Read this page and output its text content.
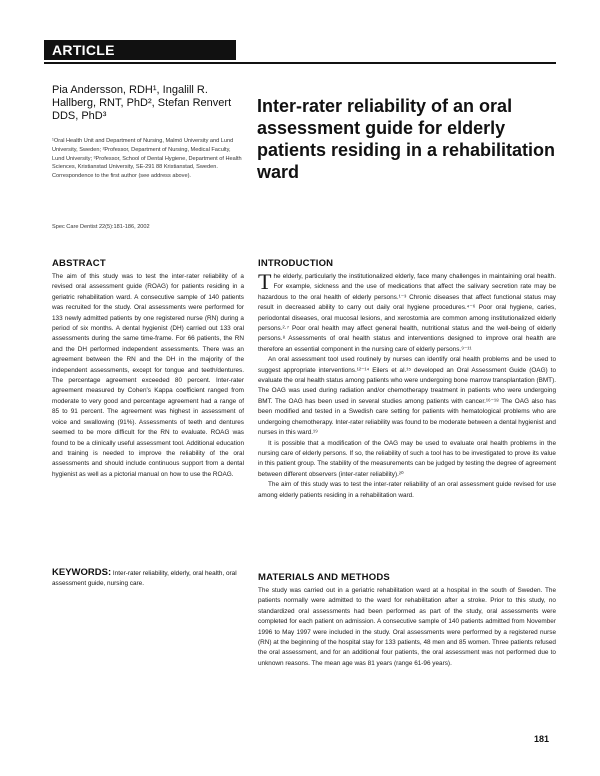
ARTICLE
Pia Andersson, RDH¹, Ingalill R. Hallberg, RNT, PhD², Stefan Renvert DDS, PhD³
¹Oral Health Unit and Department of Nursing, Malmö University and Lund University, Sweden; ²Professor, Department of Nursing, Medical Faculty, Lund University; ³Professor, School of Dental Hygiene, Department of Health Sciences, Kristianstad University, SE-291 88 Kristianstad, Sweden. Correspondence to the first author (see address above).
Spec Care Dentist 22(5):181-186, 2002
Inter-rater reliability of an oral assessment guide for elderly patients residing in a rehabilitation ward
ABSTRACT
The aim of this study was to test the inter-rater reliability of a revised oral assessment guide (ROAG) for patients residing in a geriatric rehabilitation ward. A consecutive sample of 140 patients was recruited for the study. Oral assessments were performed for 133 newly admitted patients by one registered nurse (RN) during a period of six months. A dental hygienist (DH) carried out 133 oral assessments during the same time-frame. For 66 patients, the RN and the DH performed independent assessments. There was an agreement between the RN and the DH in the majority of the independent assessments, except for tongue and teeth/dentures. The percentage agreement exceeded 80 percent. Inter-rater agreement measured by Cohen's Kappa coefficient ranged from moderate to very good and percentage agreement had a range of 85 to 91 percent. The agreement was highest in assessment of voice and swallowing (91%). Assessments of teeth and dentures seemed to be more difficult for the RN to evaluate. ROAG was found to be a clinically useful assessment tool. Additional education and training is needed to improve the reliability of the oral assessments and should include continuous support from a dental hygienist as well as a pictorial manual on how to use the ROAG.
KEYWORDS: Inter-rater reliability, elderly, oral health, oral assessment guide, nursing care.
INTRODUCTION

The elderly, particularly the institutionalized elderly, face many challenges in maintaining oral health. For example, sickness and the use of medications that affect the salivary secretion rate may be hazardous to the oral health of elderly persons.¹⁻³ Chronic diseases that affect functional status may result in decreased ability to carry out daily oral hygiene procedures.⁴⁻⁶ Poor oral hygiene, caries, periodontal diseases, oral mucosal lesions, and xerostomia are common among institutionalized elderly persons.²·⁷ Poor oral health may affect general health, nutritional status and the well-being of elderly persons.⁸ Assessments of oral health status and interventions designed to improve oral health are therefore an essential component in the nursing care of elderly persons.⁹⁻¹¹

An oral assessment tool used routinely by nurses can identify oral health problems and be used to suggest appropriate interventions.¹²⁻¹⁴ Eilers et al.¹⁵ developed an Oral Assessment Guide (OAG) to evaluate the oral health status among patients who were undergoing bone marrow transplantation (BMT). The OAG was used during radiation and/or chemotherapy treatment in patients who were undergoing BMT. The OAG has been used in several studies among patients with cancer.¹⁶⁻¹⁸ The OAG also has been modified and tested in a Swedish care setting for patients with hematological problems who are undergoing chemotherapy. Inter-rater reliability was found to be moderate between a dental hygienist and nurses in this ward.¹⁹

It is possible that a modification of the OAG may be used to evaluate oral health problems in the nursing care of elderly persons. If so, the reliability of such a tool has to be investigated to prove its value in this patient group. The stability of the measurements can be judged by testing the degree of agreement between different observers (inter-rater reliability).²⁰

The aim of this study was to test the inter-rater reliability of an oral assessment guide revised for use among elderly patients residing in a rehabilitation ward.

MATERIALS AND METHODS

The study was carried out in a geriatric rehabilitation ward at a hospital in the south of Sweden. The patients normally were admitted to the ward for rehabilitation after a stroke. Prior to this study, no standardized oral assessments had been performed as part of the study, oral assessments were completed for each patient on admission. A consecutive sample of 140 patients admitted from November 1996 to May 1997 were included in the study. Oral assessments were performed by a registered nurse (RN) at the beginning of the hospital stay for 133 patients, 48 men and 85 women. Three patients refused the oral assessment, and for an additional four patients, the oral assessment was not performed due to unknown reasons. The mean age was 81 years (range 61-96 years).

181
